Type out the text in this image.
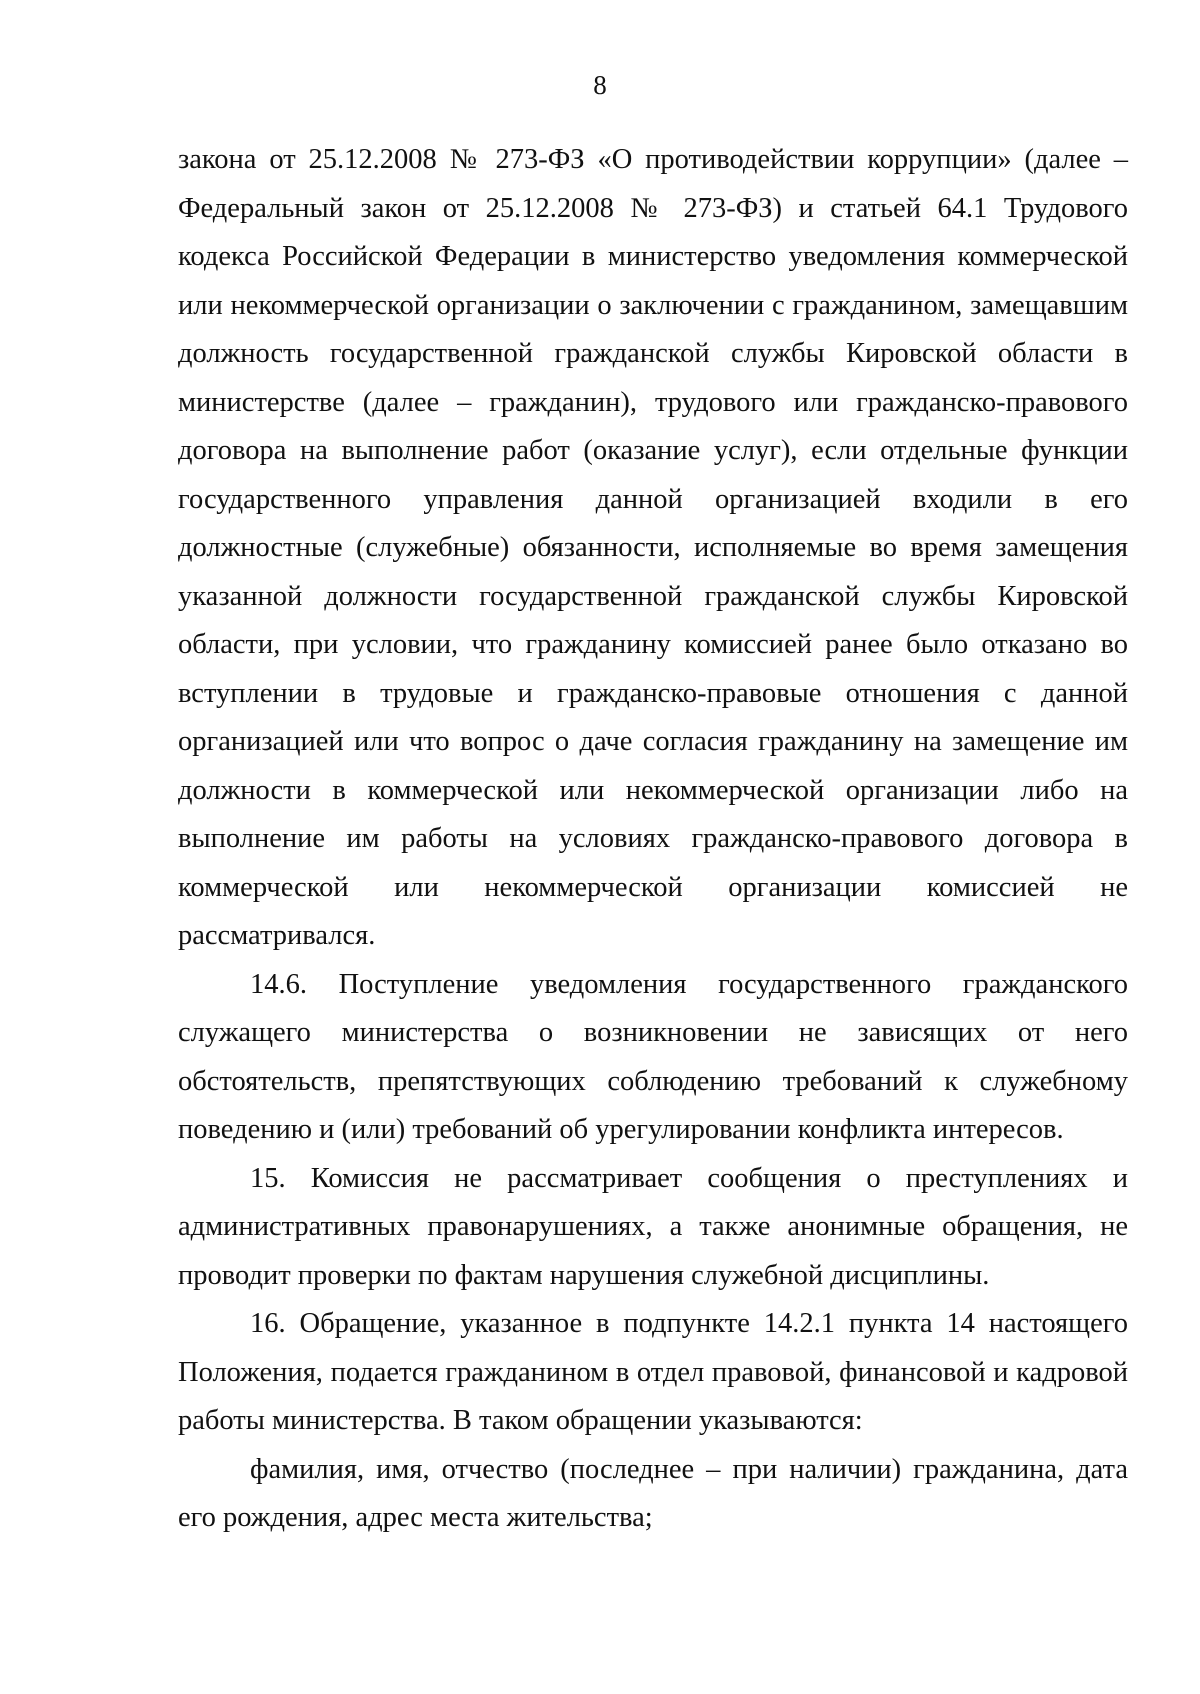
8

закона от 25.12.2008 № 273-ФЗ «О противодействии коррупции» (далее – Федеральный закон от 25.12.2008 № 273-ФЗ) и статьей 64.1 Трудового кодекса Российской Федерации в министерство уведомления коммерческой или некоммерческой организации о заключении с гражданином, замещавшим должность государственной гражданской службы Кировской области в министерстве (далее – гражданин), трудового или гражданско-правового договора на выполнение работ (оказание услуг), если отдельные функции государственного управления данной организацией входили в его должностные (служебные) обязанности, исполняемые во время замещения указанной должности государственной гражданской службы Кировской области, при условии, что гражданину комиссией ранее было отказано во вступлении в трудовые и гражданско-правовые отношения с данной организацией или что вопрос о даче согласия гражданину на замещение им должности в коммерческой или некоммерческой организации либо на выполнение им работы на условиях гражданско-правового договора в коммерческой или некоммерческой организации комиссией не рассматривался.

14.6. Поступление уведомления государственного гражданского служащего министерства о возникновении не зависящих от него обстоятельств, препятствующих соблюдению требований к служебному поведению и (или) требований об урегулировании конфликта интересов.

15. Комиссия не рассматривает сообщения о преступлениях и административных правонарушениях, а также анонимные обращения, не проводит проверки по фактам нарушения служебной дисциплины.

16. Обращение, указанное в подпункте 14.2.1 пункта 14 настоящего Положения, подается гражданином в отдел правовой, финансовой и кадровой работы министерства. В таком обращении указываются:

фамилия, имя, отчество (последнее – при наличии) гражданина, дата его рождения, адрес места жительства;
